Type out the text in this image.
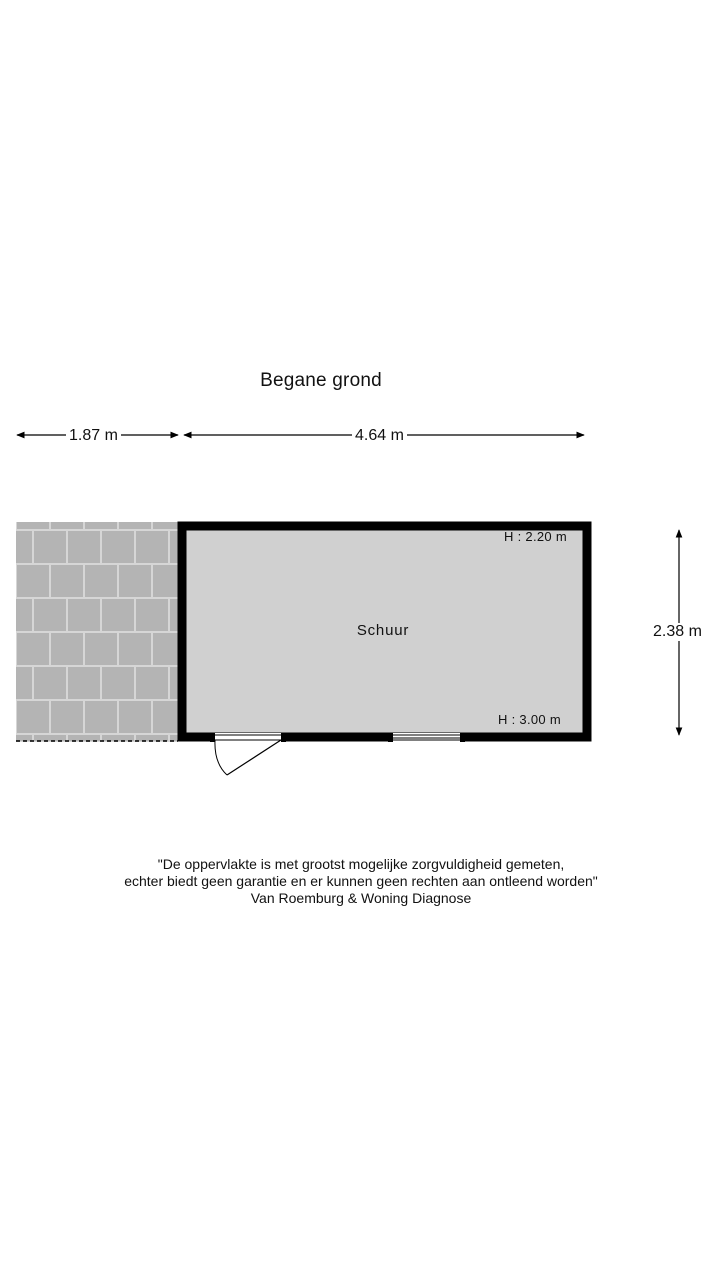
Begane grond
1.87 m	4.64 m
2.38 m
Schuur
H : 2.20 m
H : 3.00 m
"De oppervlakte is met grootst mogelijke zorgvuldigheid gemeten,
echter biedt geen garantie en er kunnen geen rechten aan ontleend worden"
Van Roemburg & Woning Diagnose
